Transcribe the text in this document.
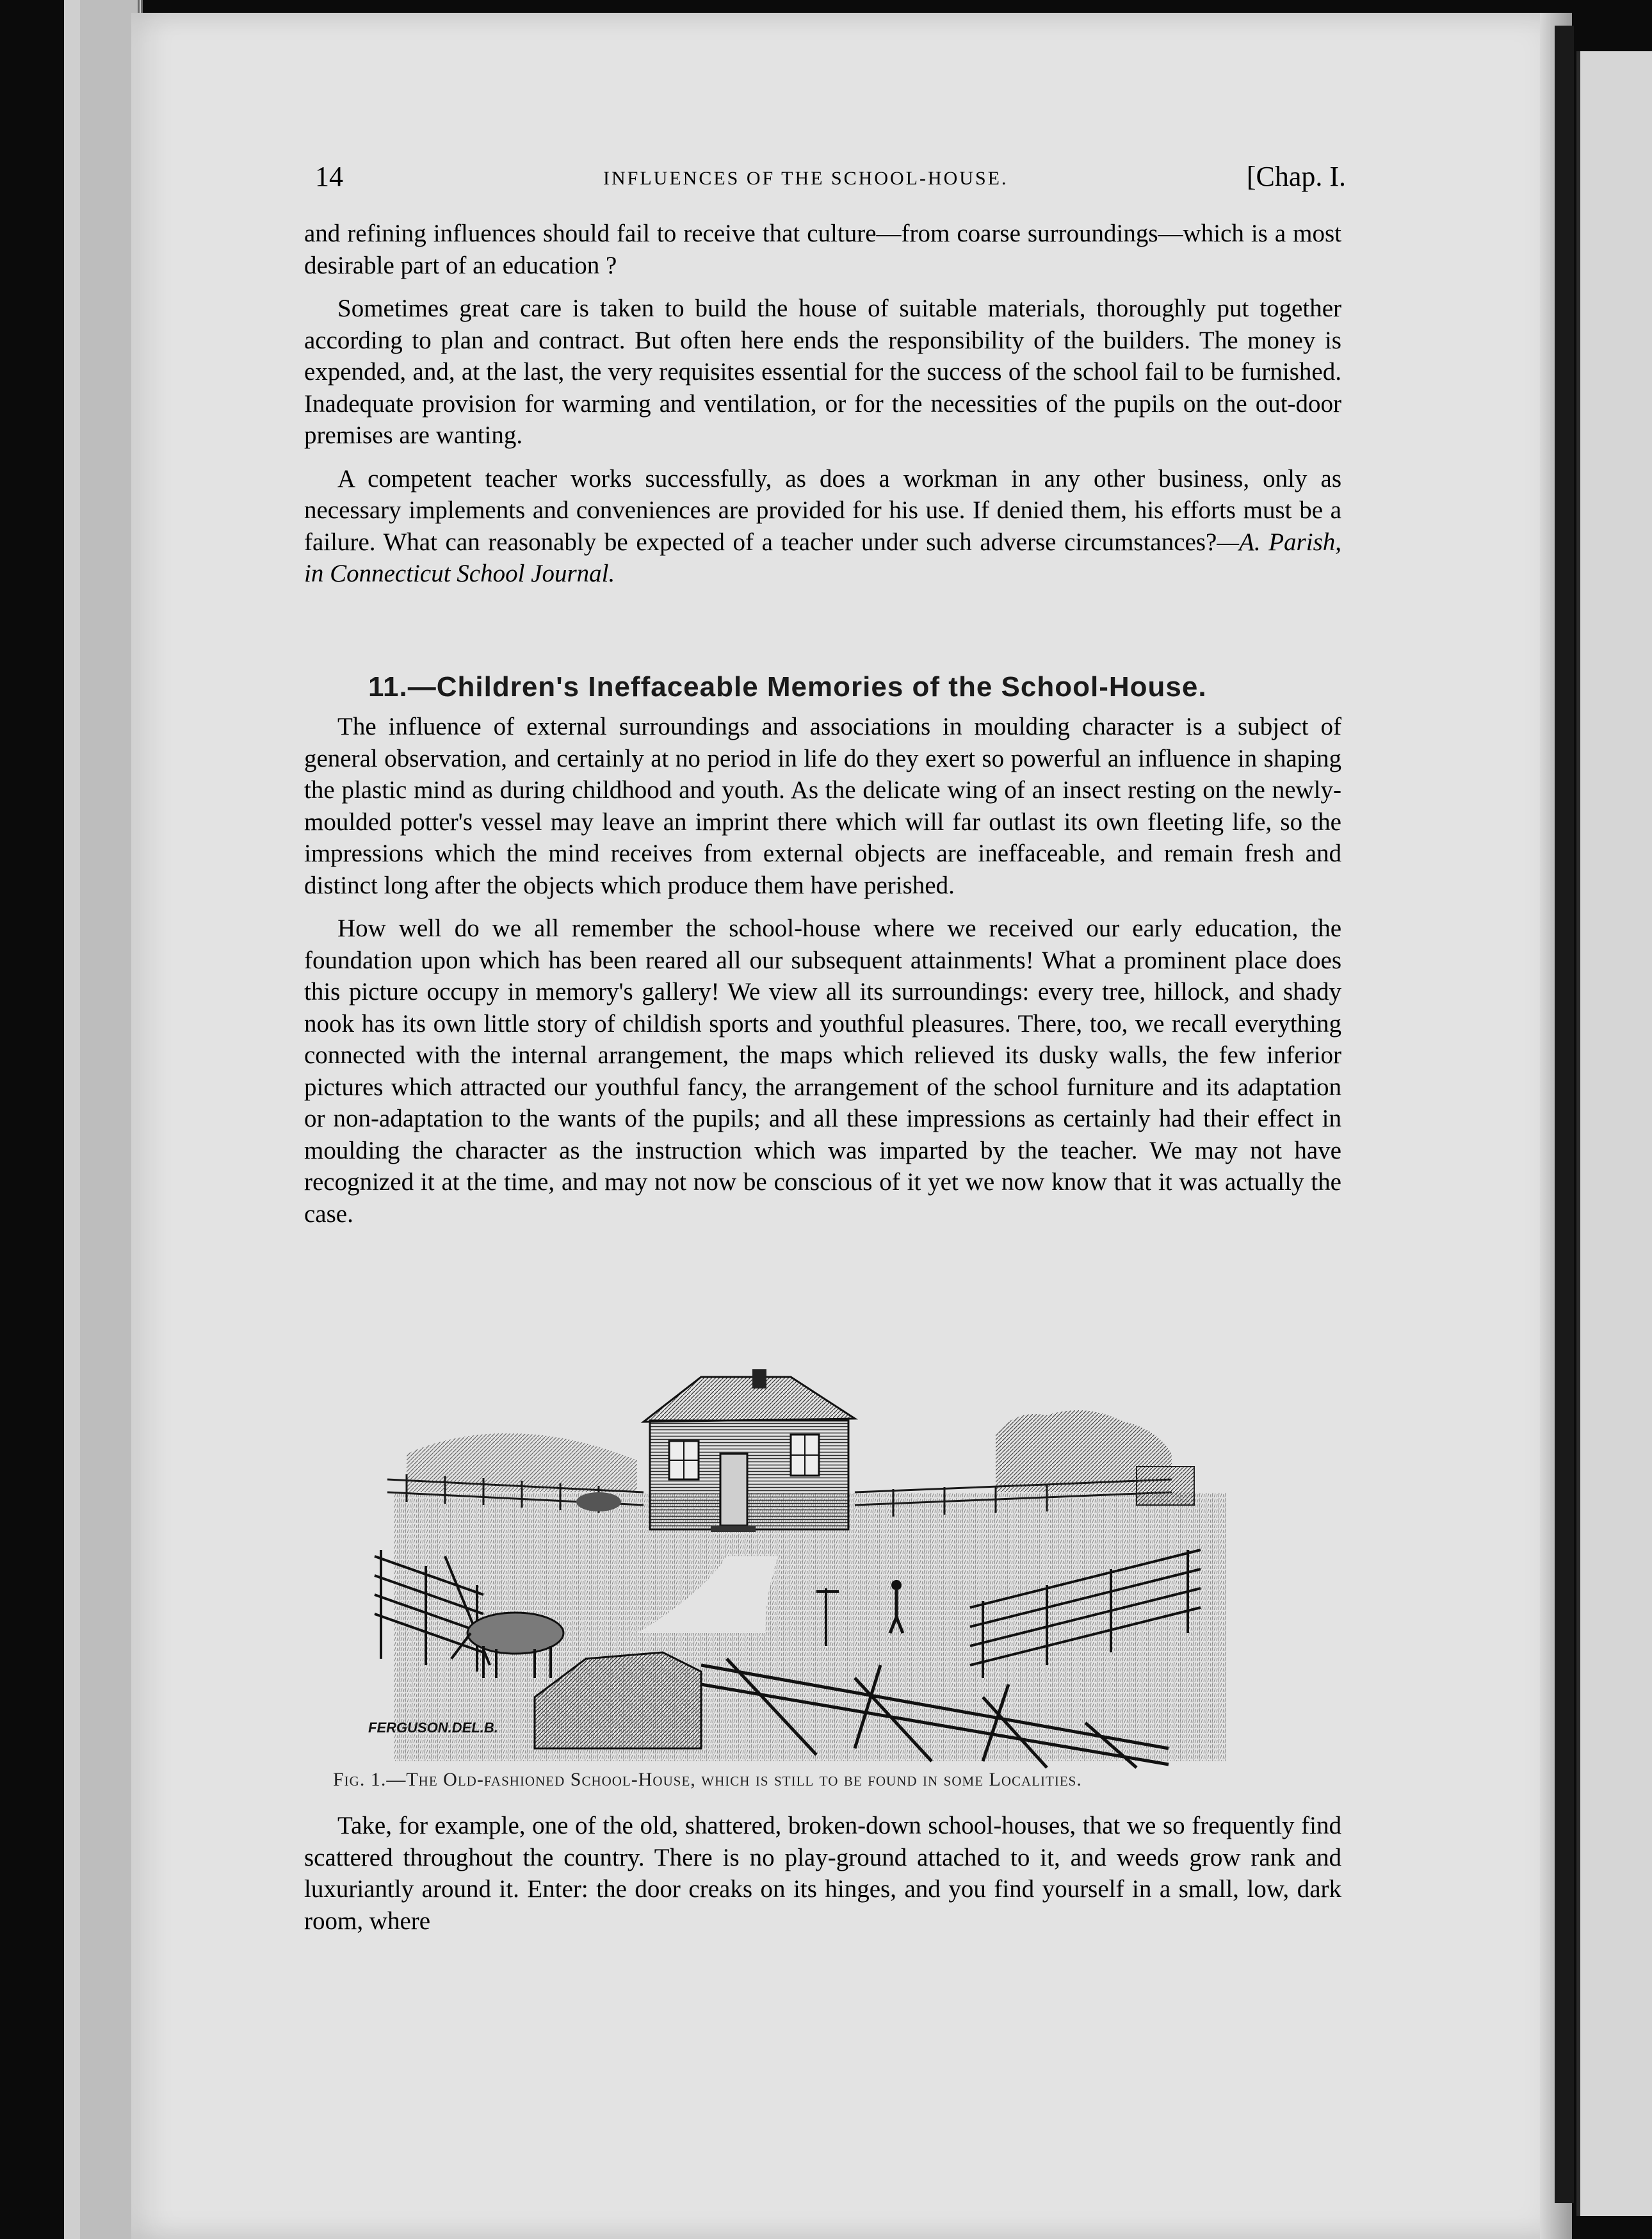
14	INFLUENCES OF THE SCHOOL-HOUSE.	[Chap. I.

and refining influences should fail to receive that culture—from coarse surroundings—which is a most desirable part of an education ?

Sometimes great care is taken to build the house of suitable materials, thoroughly put together according to plan and contract. But often here ends the responsibility of the builders. The money is expended, and, at the last, the very requisites essential for the success of the school fail to be furnished. Inadequate provision for warming and ventilation, or for the necessities of the pupils on the out-door premises are wanting.

A competent teacher works successfully, as does a workman in any other business, only as necessary implements and conveniences are provided for his use. If denied them, his efforts must be a failure. What can reasonably be expected of a teacher under such adverse circumstances?—A. Parish, in Connecticut School Journal.

11.—Children's Ineffaceable Memories of the School-House.

The influence of external surroundings and associations in moulding character is a subject of general observation, and certainly at no period in life do they exert so powerful an influence in shaping the plastic mind as during childhood and youth. As the delicate wing of an insect resting on the newly-moulded potter's vessel may leave an imprint there which will far outlast its own fleeting life, so the impressions which the mind receives from external objects are ineffaceable, and remain fresh and distinct long after the objects which produce them have perished.

How well do we all remember the school-house where we received our early education, the foundation upon which has been reared all our subsequent attainments! What a prominent place does this picture occupy in memory's gallery! We view all its surroundings: every tree, hillock, and shady nook has its own little story of childish sports and youthful pleasures. There, too, we recall everything connected with the internal arrangement, the maps which relieved its dusky walls, the few inferior pictures which attracted our youthful fancy, the arrangement of the school furniture and its adaptation or non-adaptation to the wants of the pupils; and all these impressions as certainly had their effect in moulding the character as the instruction which was imparted by the teacher. We may not have recognized it at the time, and may not now be conscious of it yet we now know that it was actually the case.

FERGUSON.DEL.B.
Fig. 1.—The Old-fashioned School-House, which is still to be found in some Localities.

Take, for example, one of the old, shattered, broken-down school-houses, that we so frequently find scattered throughout the country. There is no play-ground attached to it, and weeds grow rank and luxuriantly around it. Enter: the door creaks on its hinges, and you find yourself in a small, low, dark room, where
